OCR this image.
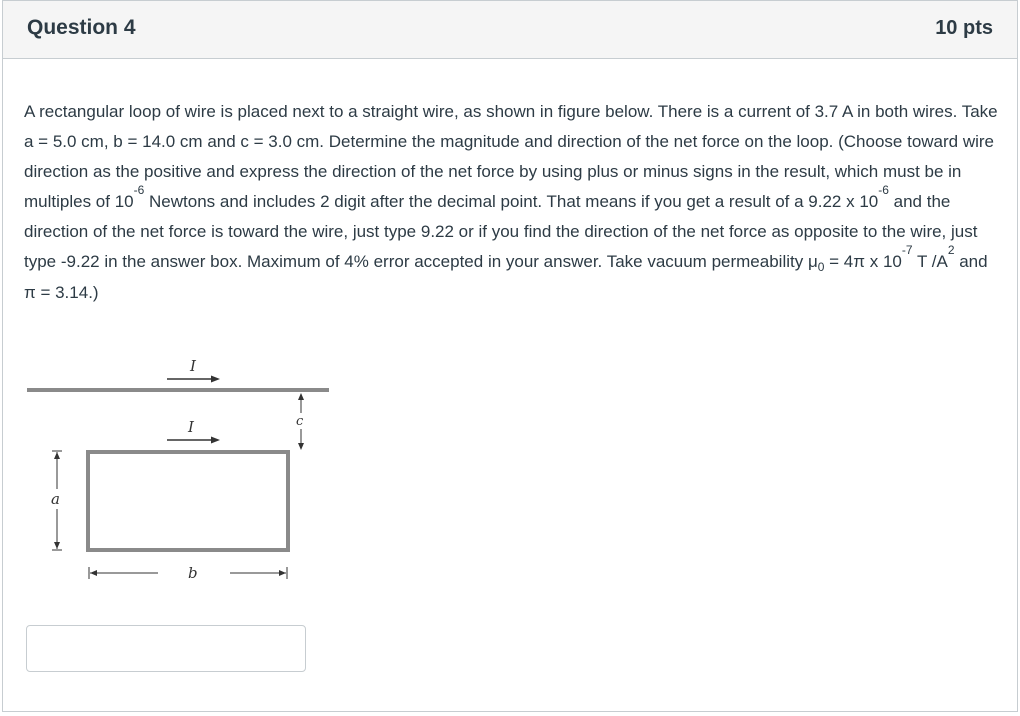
Question 4	10 pts
A rectangular loop of wire is placed next to a straight wire, as shown in figure below. There is a current of 3.7 A in both wires. Take a = 5.0 cm, b = 14.0 cm and c = 3.0 cm. Determine the magnitude and direction of the net force on the loop. (Choose toward wire direction as the positive and express the direction of the net force by using plus or minus signs in the result, which must be in multiples of $10^{-6}$ Newtons and includes 2 digit after the decimal point. That means if you get a result of a 9.22 x $10^{-6}$ and the direction of the net force is toward the wire, just type 9.22 or if you find the direction of the net force as opposite to the wire, just type -9.22 in the answer box. Maximum of 4% error accepted in your answer. Take vacuum permeability $\mu_0 = 4\pi$ x $10^{-7}$ T $/A^2$ and π = 3.14.)
I
c
I
a
b
